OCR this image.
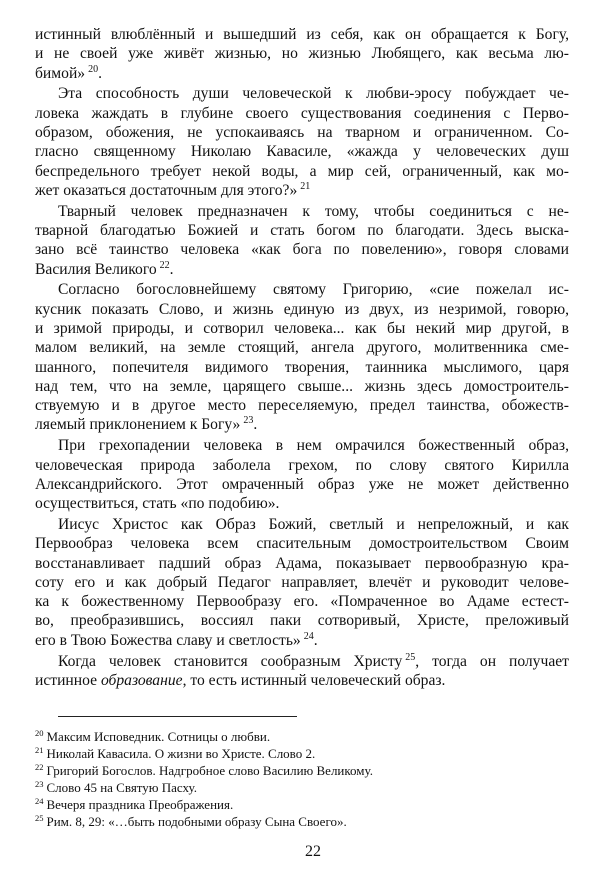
истинный влюблённый и вышедший из себя, как он обращается к Богу,
и не своей уже живёт жизнью, но жизнью Любящего, как весьма лю-
бимой» $^{20}$.
Эта способность души человеческой к любви-эросу побуждает че-
ловека жаждать в глубине своего существования соединения с Перво-
образом, обожения, не успокаиваясь на тварном и ограниченном. Со-
гласно священному Николаю Кавасиле, «жажда у человеческих душ
беспредельного требует некой воды, а мир сей, ограниченный, как мо-
жет оказаться достаточным для этого?» $^{21}$
Тварный человек предназначен к тому, чтобы соединиться с не-
тварной благодатью Божией и стать богом по благодати. Здесь выска-
зано всё таинство человека «как бога по повелению», говоря словами
Василия Великого $^{22}$.
Согласно богословнейшему святому Григорию, «сие пожелал ис-
кусник показать Слово, и жизнь единую из двух, из незримой, говорю,
и зримой природы, и сотворил человека... как бы некий мир другой, в
малом великий, на земле стоящий, ангела другого, молитвенника сме-
шанного, попечителя видимого творения, таинника мыслимого, царя
над тем, что на земле, царящего свыше... жизнь здесь домостроитель-
ствуемую и в другое место переселяемую, предел таинства, обожеств-
ляемый приклонением к Богу» $^{23}$.
При грехопадении человека в нем омрачился божественный образ,
человеческая природа заболела грехом, по слову святого Кирилла
Александрийского. Этот омраченный образ уже не может действенно
осуществиться, стать «по подобию».
Иисус Христос как Образ Божий, светлый и непреложный, и как
Первообраз человека всем спасительным домостроительством Своим
восстанавливает падший образ Адама, показывает первообразную кра-
соту его и как добрый Педагог направляет, влечёт и руководит челове-
ка к божественному Первообразу его. «Помраченное во Адаме естест-
во, преобразившись, воссиял паки сотворивый, Христе, преложивый
его в Твою Божества славу и светлость» $^{24}$.
Когда человек становится сообразным Христу $^{25}$, тогда он получает
истинное образование, то есть истинный человеческий образ.
$^{20}$ Максим Исповедник. Сотницы о любви.
$^{21}$ Николай Кавасила. О жизни во Христе. Слово 2.
$^{22}$ Григорий Богослов. Надгробное слово Василию Великому.
$^{23}$ Слово 45 на Святую Пасху.
$^{24}$ Вечеря праздника Преображения.
$^{25}$ Рим. 8, 29: «…быть подобными образу Сына Своего».
22
